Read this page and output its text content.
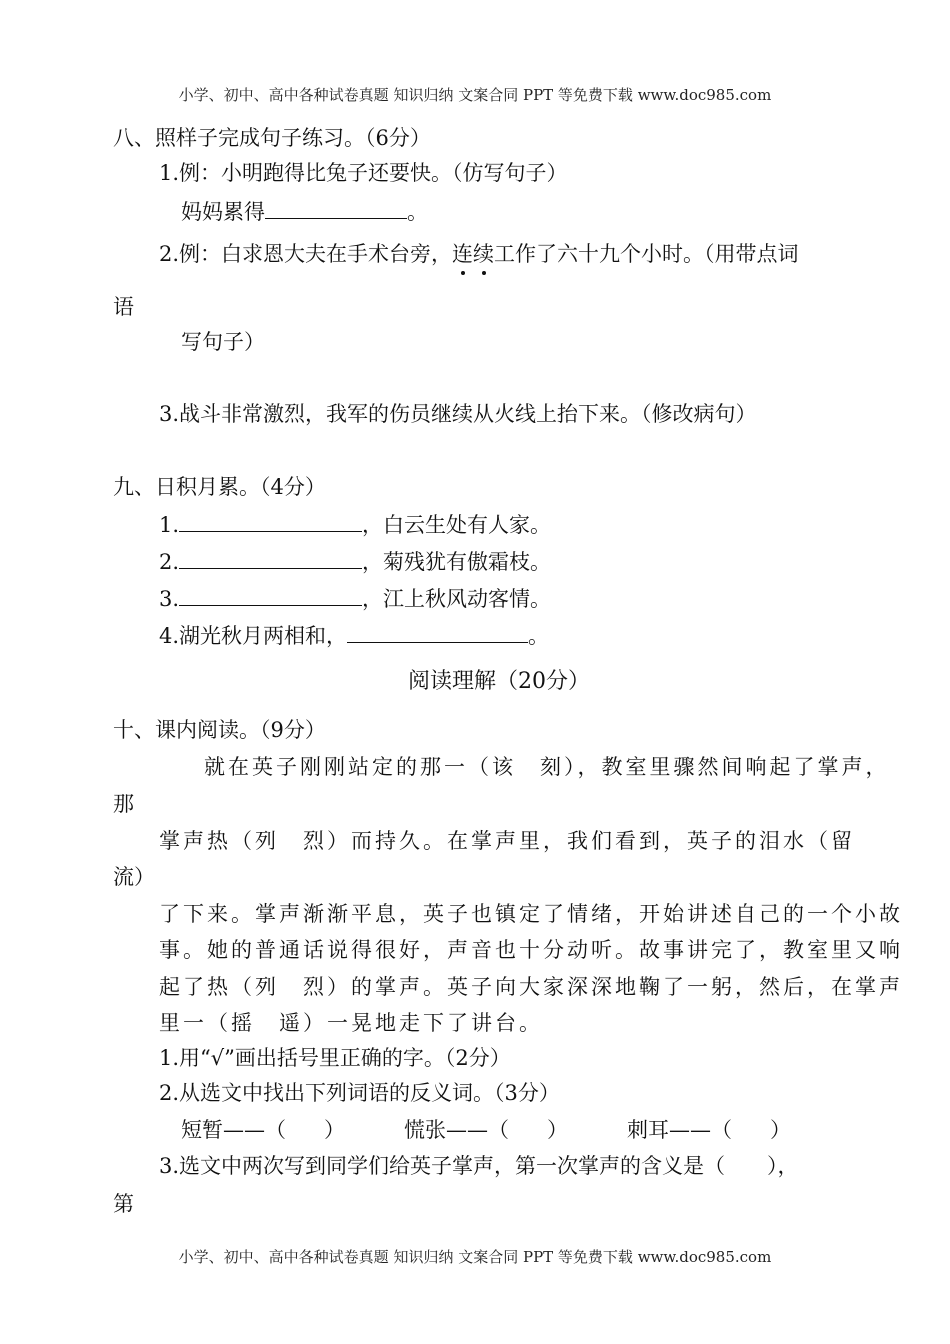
小学、初中、高中各种试卷真题 知识归纳 文案合同 PPT 等免费下载 www.doc985.com
八、照样子完成句子练习。（6分）
1.例：小明跑得比兔子还要快。（仿写句子）
妈妈累得	。
2.例：白求恩大夫在手术台旁，连续工作了六十九个小时。（用带点词
语
写句子）
3.战斗非常激烈，我军的伤员继续从火线上抬下来。（修改病句）
九、日积月累。（4分）
1.	，白云生处有人家。
2.	，菊残犹有傲霜枝。
3.	，江上秋风动客情。
4.湖光秋月两相和，	。
阅读理解（20分）
十、课内阅读。（9分）
就在英子刚刚站定的那一（该　刻），教室里骤然间响起了掌声，
那
掌声热（列　烈）而持久。在掌声里，我们看到，英子的泪水（留
流）
了下来。掌声渐渐平息，英子也镇定了情绪，开始讲述自己的一个小故
事。她的普通话说得很好，声音也十分动听。故事讲完了，教室里又响
起了热（列　烈）的掌声。英子向大家深深地鞠了一躬，然后，在掌声
里一（摇　遥）一晃地走下了讲台。
1.用“√”画出括号里正确的字。（2分）
2.从选文中找出下列词语的反义词。（3分）
短暂——（ ）	慌张——（ ）	刺耳——（ ）
3.选文中两次写到同学们给英子掌声，第一次掌声的含义是（　　），
第
小学、初中、高中各种试卷真题 知识归纳 文案合同 PPT 等免费下载 www.doc985.com
